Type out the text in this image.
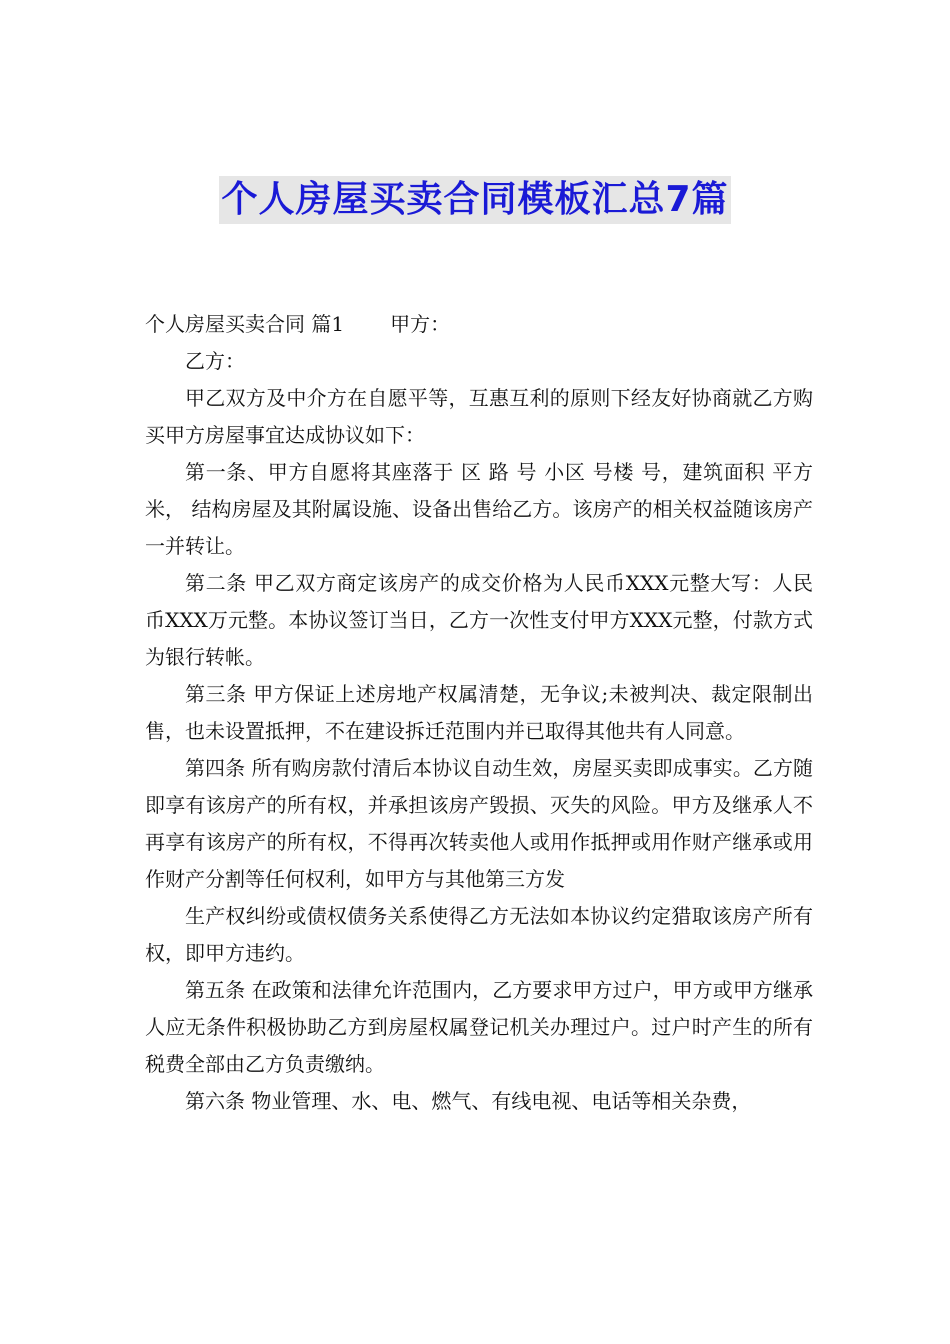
个人房屋买卖合同模板汇总7篇

个人房屋买卖合同 篇1 甲方：

乙方：

甲乙双方及中介方在自愿平等，互惠互利的原则下经友好协商就乙方购买甲方房屋事宜达成协议如下：

第一条、甲方自愿将其座落于 区 路 号 小区 号楼 号，建筑面积 平方米， 结构房屋及其附属设施、设备出售给乙方。该房产的相关权益随该房产一并转让。

第二条 甲乙双方商定该房产的成交价格为人民币XXX元整大写：人民币XXX万元整。本协议签订当日，乙方一次性支付甲方XXX元整，付款方式为银行转帐。

第三条 甲方保证上述房地产权属清楚，无争议;未被判决、裁定限制出售，也未设置抵押，不在建设拆迁范围内并已取得其他共有人同意。

第四条 所有购房款付清后本协议自动生效，房屋买卖即成事实。乙方随即享有该房产的所有权，并承担该房产毁损、灭失的风险。甲方及继承人不再享有该房产的所有权，不得再次转卖他人或用作抵押或用作财产继承或用作财产分割等任何权利，如甲方与其他第三方发

生产权纠纷或债权债务关系使得乙方无法如本协议约定猎取该房产所有权，即甲方违约。

第五条 在政策和法律允许范围内，乙方要求甲方过户，甲方或甲方继承人应无条件积极协助乙方到房屋权属登记机关办理过户。过户时产生的所有税费全部由乙方负责缴纳。

第六条 物业管理、水、电、燃气、有线电视、电话等相关杂费，
